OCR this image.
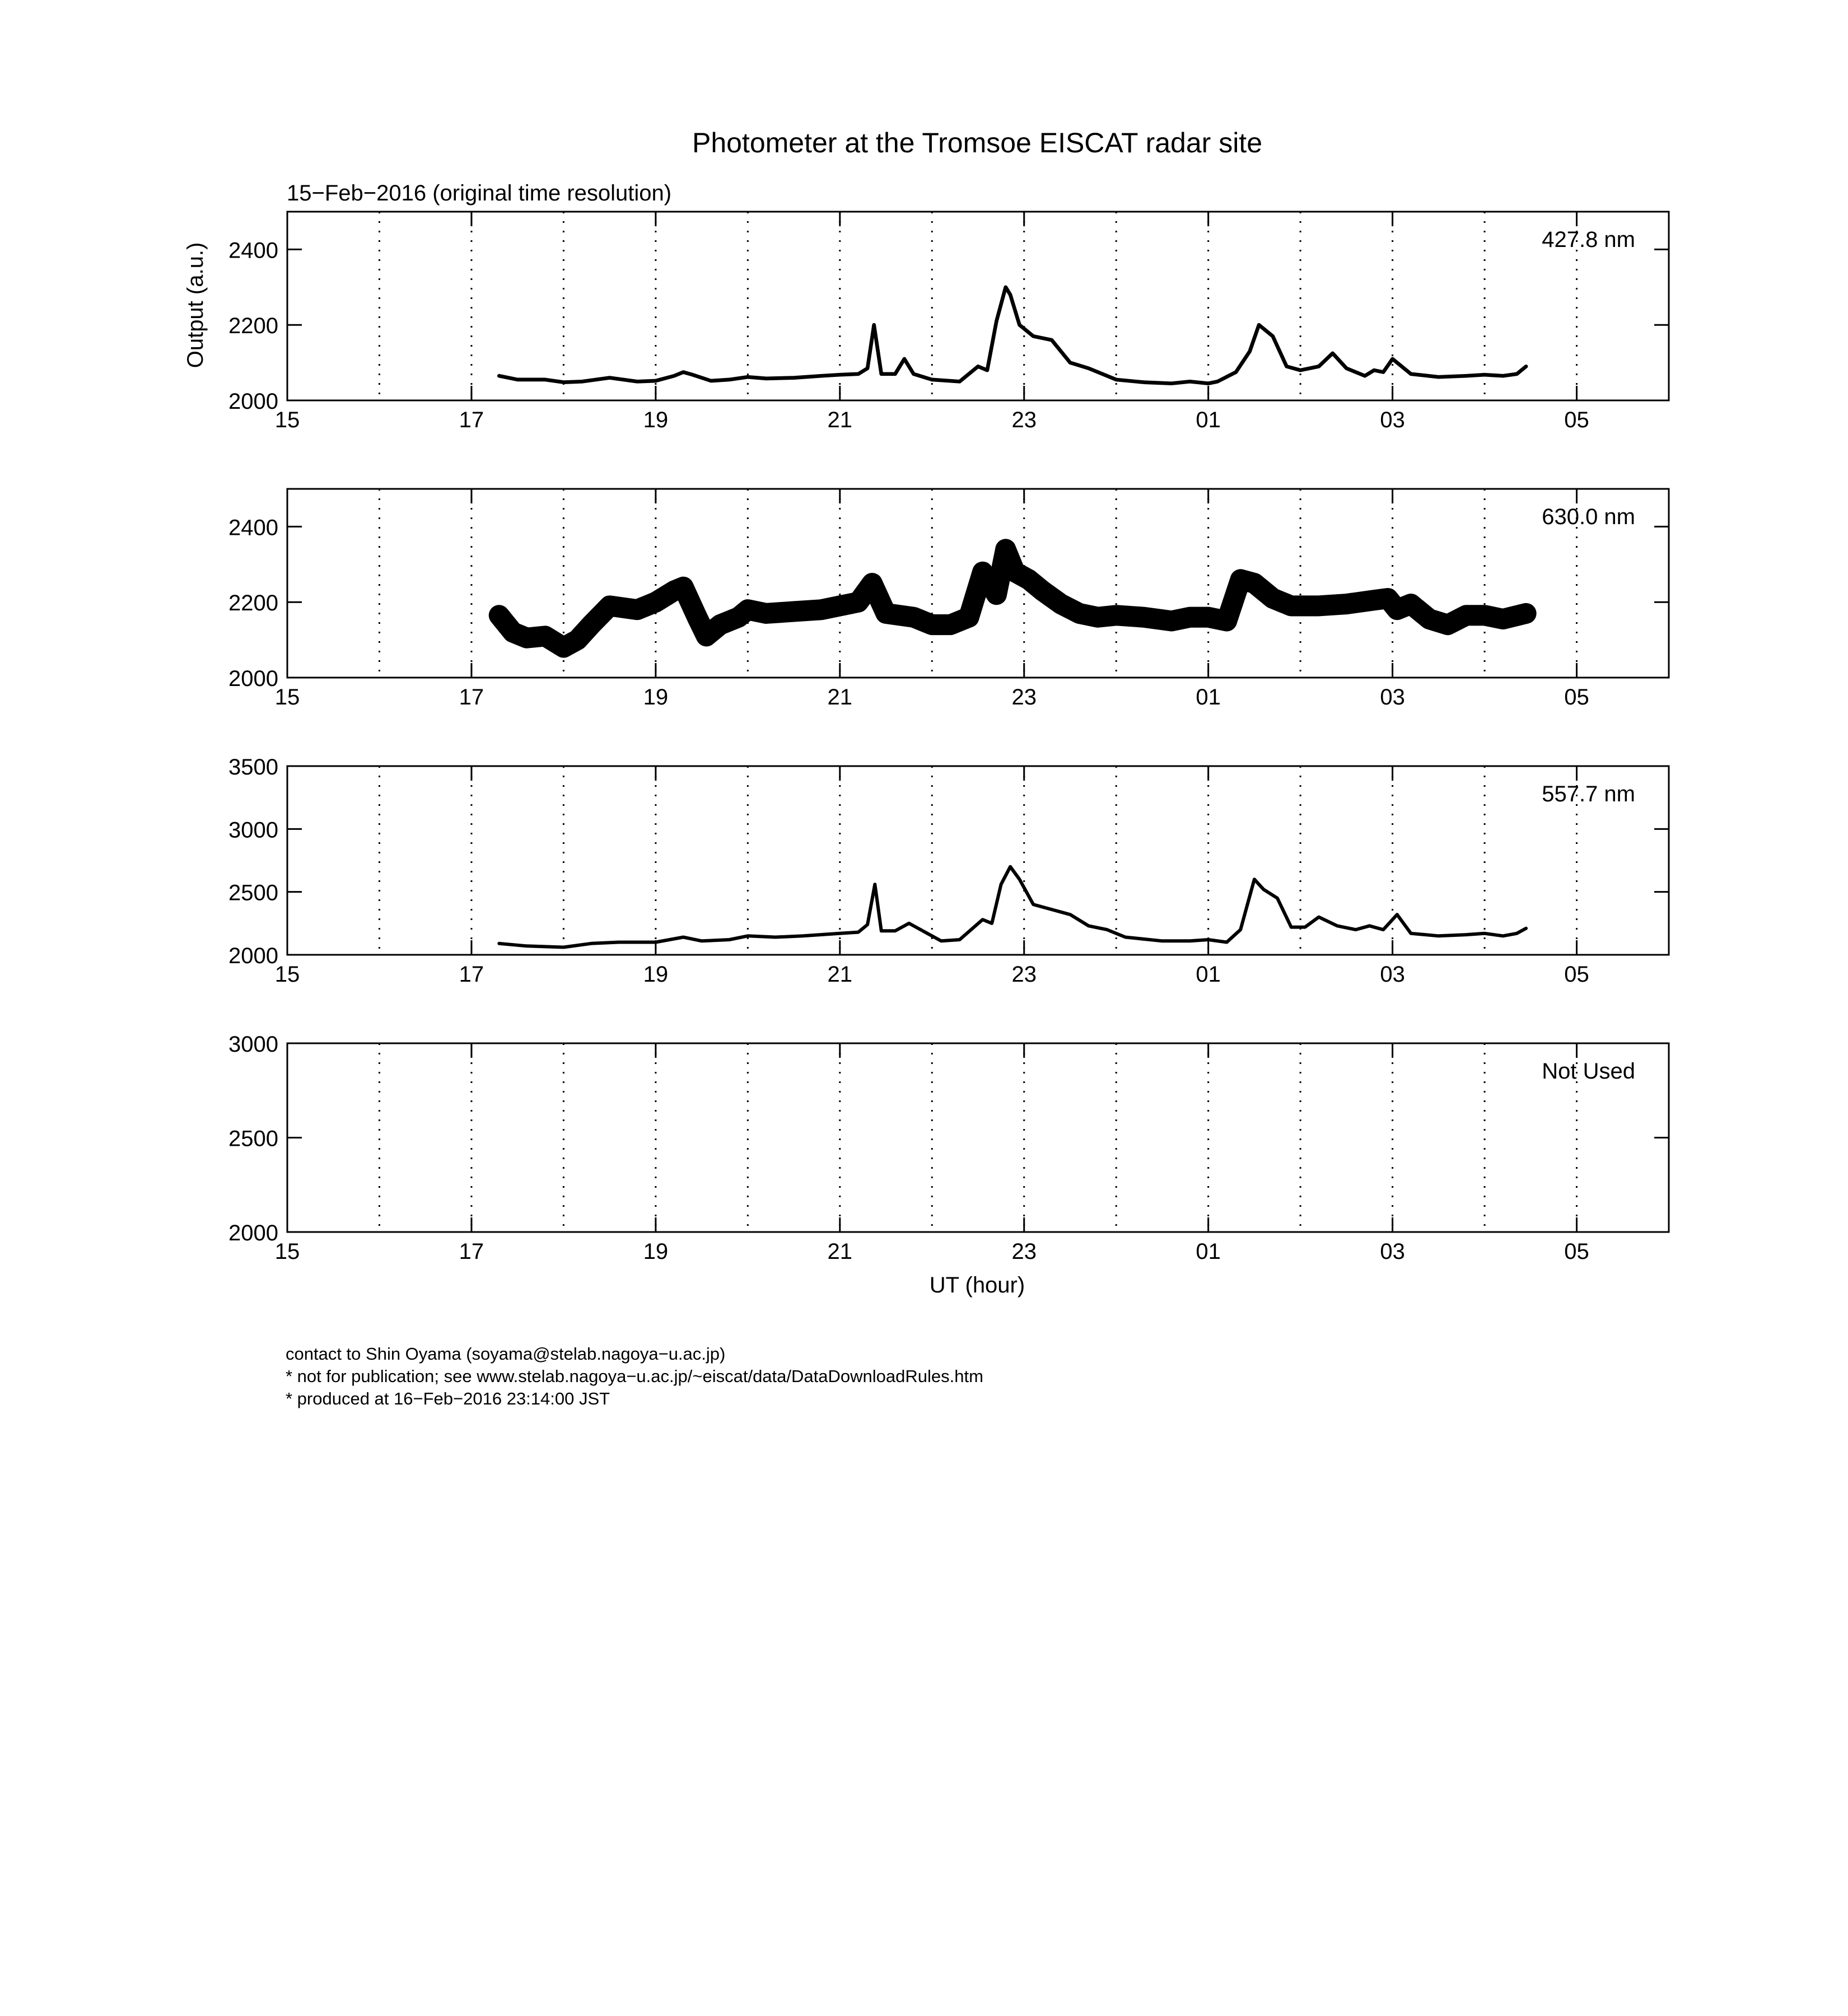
Photometer at the Tromsoe EISCAT radar site
15−Feb−2016 (original time resolution)
Output (a.u.)
UT (hour)
2000
2200
2400
15	17	19	21	23	01	03	05
427.8 nm
2000
2200
2400
15	17	19	21	23	01	03	05
630.0 nm
2000
2500
3000
3500
15	17	19	21	23	01	03	05
557.7 nm
2000
2500
3000
15	17	19	21	23	01	03	05
Not Used
contact to Shin Oyama (soyama@stelab.nagoya−u.ac.jp)
* not for publication; see www.stelab.nagoya−u.ac.jp/~eiscat/data/DataDownloadRules.htm
* produced at 16−Feb−2016 23:14:00 JST
